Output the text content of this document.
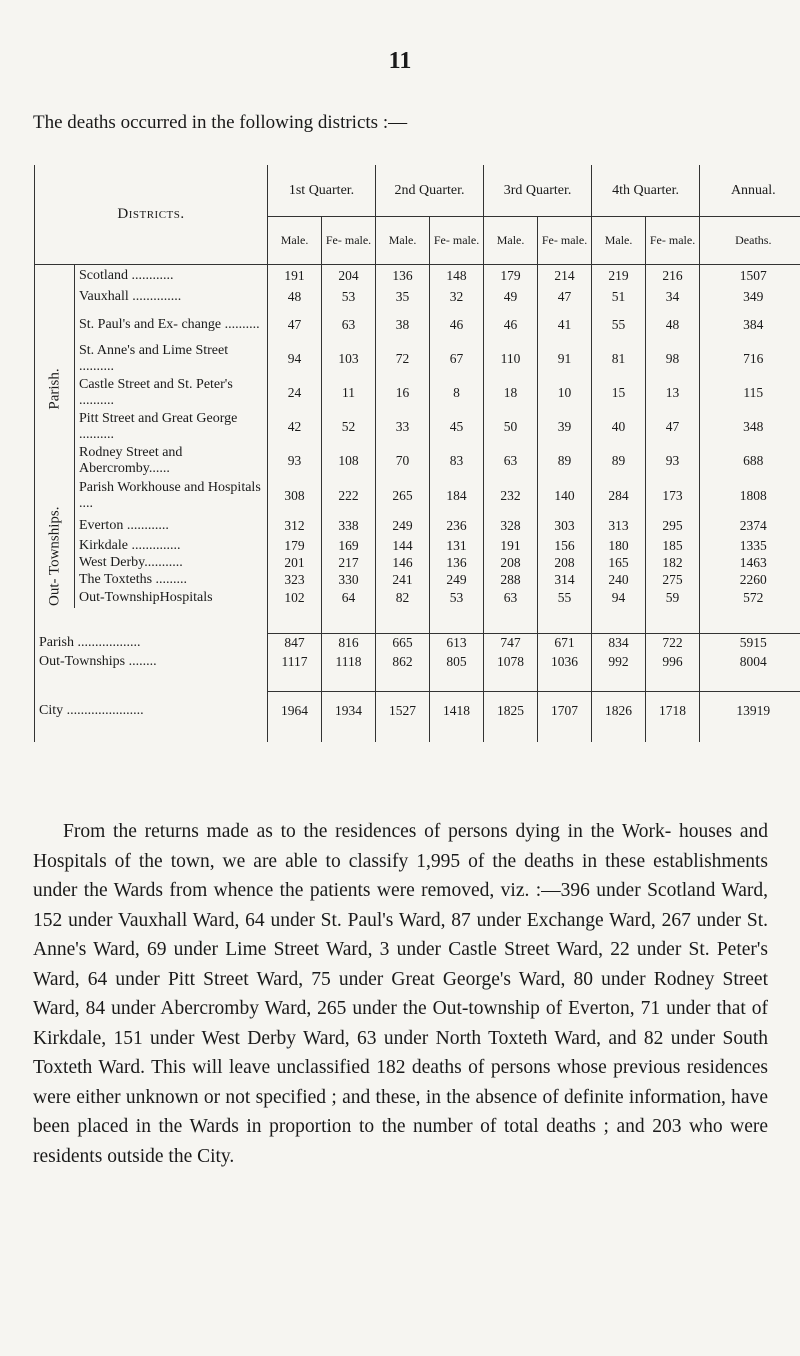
11
The deaths occurred in the following districts :—
Districts.		1st Quarter.		2nd Quarter.		3rd Quarter.		4th Quarter.		Annual.
		Male.	Fe- male.	Male.	Fe- male.	Male.	Fe- male.	Male.	Fe- male.	Deaths.

Parish.	Scotland ............	191	204	136	148	179	214	219	216	1507
	Vauxhall ..............	48	53	35	32	49	47	51	34	349
	St. Paul's and Ex- change ..........	47	63	38	46	46	41	55	48	384
	St. Anne's and Lime Street ..........	94	103	72	67	110	91	81	98	716
	Castle Street and St. Peter's ..........	24	11	16	8	18	10	15	13	115
	Pitt Street and Great George ..........	42	52	33	45	50	39	40	47	348
	Rodney Street and Abercromby......	93	108	70	83	63	89	89	93	688
	Parish Workhouse and Hospitals ....	308	222	265	184	232	140	284	173	1808

Out- Townships.	Everton ............	312	338	249	236	328	303	313	295	2374
	Kirkdale ..............	179	169	144	131	191	156	180	185	1335
	West Derby...........	201	217	146	136	208	208	165	182	1463
	The Toxteths .........	323	330	241	249	288	314	240	275	2260
	Out-TownshipHospitals	102	64	82	53	63	55	94	59	572

Parish ..................		847	816	665	613	747	671	834	722	5915
Out-Townships ........		1117	1118	862	805	1078	1036	992	996	8004

City ......................		1964	1934	1527	1418	1825	1707	1826	1718	13919

From the returns made as to the residences of persons dying in the Work- houses and Hospitals of the town, we are able to classify 1,995 of the deaths in these establishments under the Wards from whence the patients were removed, viz. :—396 under Scotland Ward, 152 under Vauxhall Ward, 64 under St. Paul's Ward, 87 under Exchange Ward, 267 under St. Anne's Ward, 69 under Lime Street Ward, 3 under Castle Street Ward, 22 under St. Peter's Ward, 64 under Pitt Street Ward, 75 under Great George's Ward, 80 under Rodney Street Ward, 84 under Abercromby Ward, 265 under the Out-township of Everton, 71 under that of Kirkdale, 151 under West Derby Ward, 63 under North Toxteth Ward, and 82 under South Toxteth Ward. This will leave unclassified 182 deaths of persons whose previous residences were either unknown or not specified ; and these, in the absence of definite information, have been placed in the Wards in proportion to the number of total deaths ; and 203 who were residents outside the City.
